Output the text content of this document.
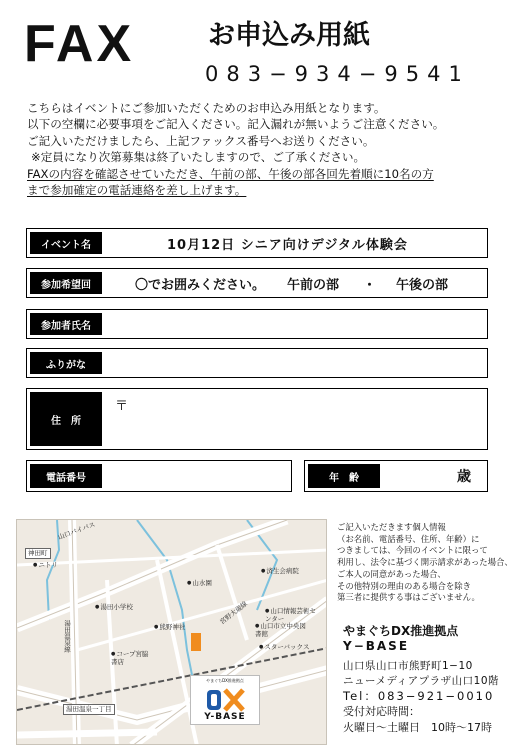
FAX	お申込み用紙
083−934−9541

こちらはイベントにご参加いただくためのお申込み用紙となります。

以下の空欄に必要事項をご記入ください。記入漏れが無いようご注意ください。

ご記入いただけましたら、上記ファックス番号へお送りください。

※定員になり次第募集は終了いたしますので、ご了承ください。

FAXの内容を確認させていただき、午前の部、午後の部各回先着順に10名の方

まで参加確定の電話連絡を差し上げます。

イベント名	10月12日 シニア向けデジタル体験会
参加希望回	〇でお囲みください。 午前の部 ・ 午後の部
参加者氏名
ふりがな
住　所
〒
電話番号	年　齢	歳
山口バイパス
神田町
● ニトリ
● 湯田小学校
湯田温泉線	● 熊野神社
● 山水園
● 済生会病院
宮野大歳線	● 山口情報芸術センター
● 山口市立中央図書館
● スターバックス
● コープ宮脇書店
湯田温泉一丁目
やまぐちDX推進拠点
Y-BASE
ご記入いただきます個人情報
（お名前、電話番号、住所、年齢）に
つきましては、今回のイベントに限って
利用し、法令に基づく開示請求があった場合、
ご本人の同意があった場合、
その他特別の理由のある場合を除き
第三者に提供する事はございません。
やまぐちDX推進拠点
Y−BASE
山口県山口市熊野町1−10
ニューメディアプラザ山口10階
Tel：083−921−0010
受付対応時間：
火曜日〜土曜日　10時〜17時
